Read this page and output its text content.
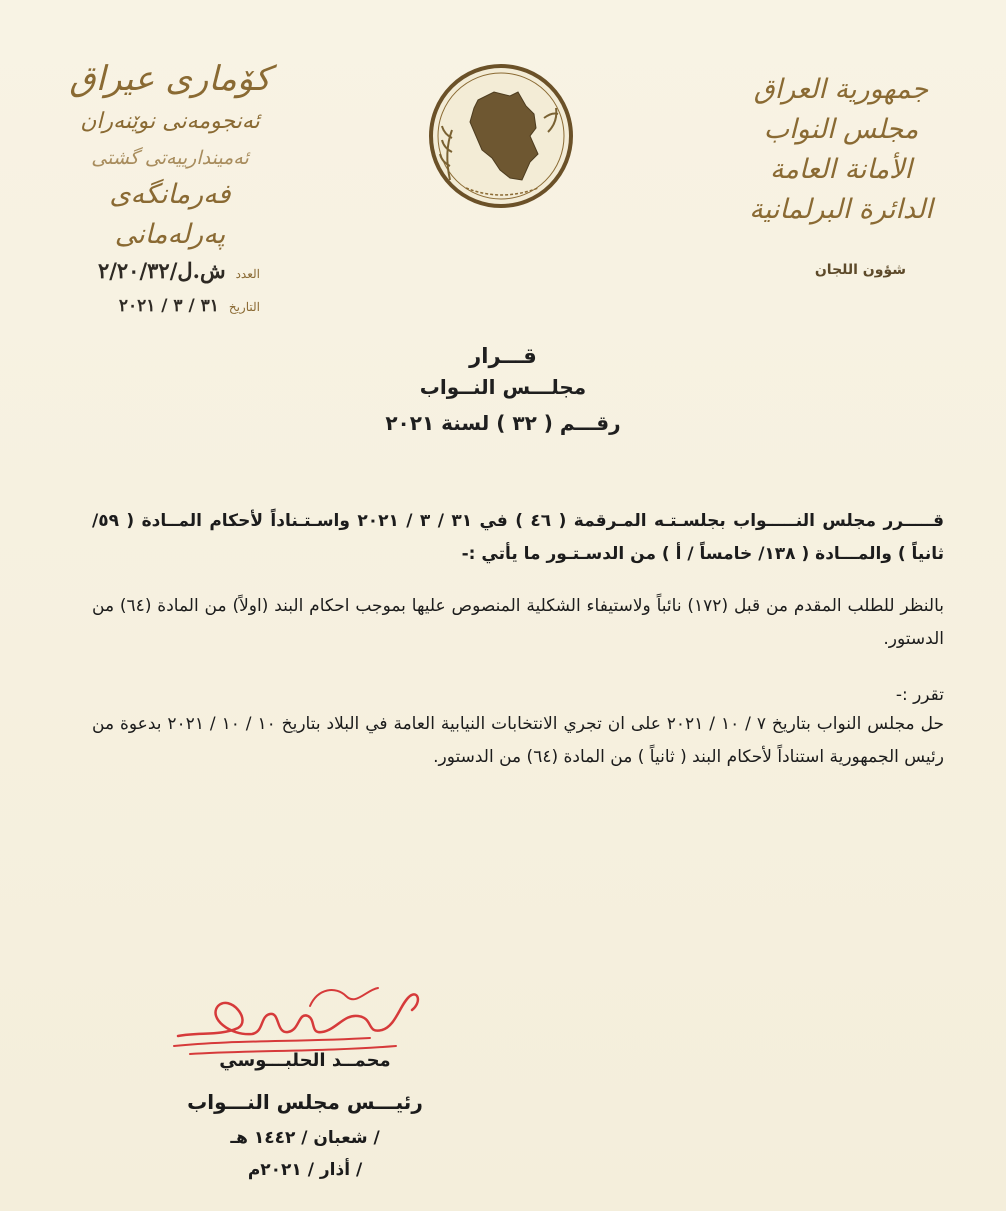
جمهورية العراق
مجلس النواب
الأمانة العامة
الدائرة البرلمانية
كۆماری عیراق
ئەنجومەنی نوێنەران
ئەمیندارییەتی گشتی
فەرمانگەی پەرلەمانی
شؤون اللجان
العدد
ش.ل/٢/٢٠/٣٢
التاريخ
٣١ / ٣ / ٢٠٢١
قـــرار
مجلـــس النــواب
رقـــم ( ٣٢ ) لسنة ٢٠٢١
قـــــرر مجلس النـــــواب بجلسـتـه المـرقمة ( ٤٦ ) في ٣١ / ٣ / ٢٠٢١ واسـتـناداً لأحكام المــادة ( ٥٩/ ثانياً ) والمـــادة ( ١٣٨/ خامساً / أ ) من الدسـتـور ما يأتي :-
بالنظر للطلب المقدم من قبل (١٧٢) نائباً ولاستيفاء الشكلية المنصوص عليها بموجب احكام البند (اولاً) من المادة (٦٤) من الدستور.
تقرر :-
حل مجلس النواب بتاريخ ٧ / ١٠ / ٢٠٢١ على ان تجري الانتخابات النيابية العامة في البلاد بتاريخ ١٠ / ١٠ / ٢٠٢١ بدعوة من رئيس الجمهورية استناداً لأحكام البند ( ثانياً ) من المادة (٦٤) من الدستور.
محمــد الحلبـــوسي
رئيـــس مجلس النـــواب
/ شعبان / ١٤٤٢ هـ
/ أذار / ٢٠٢١م
